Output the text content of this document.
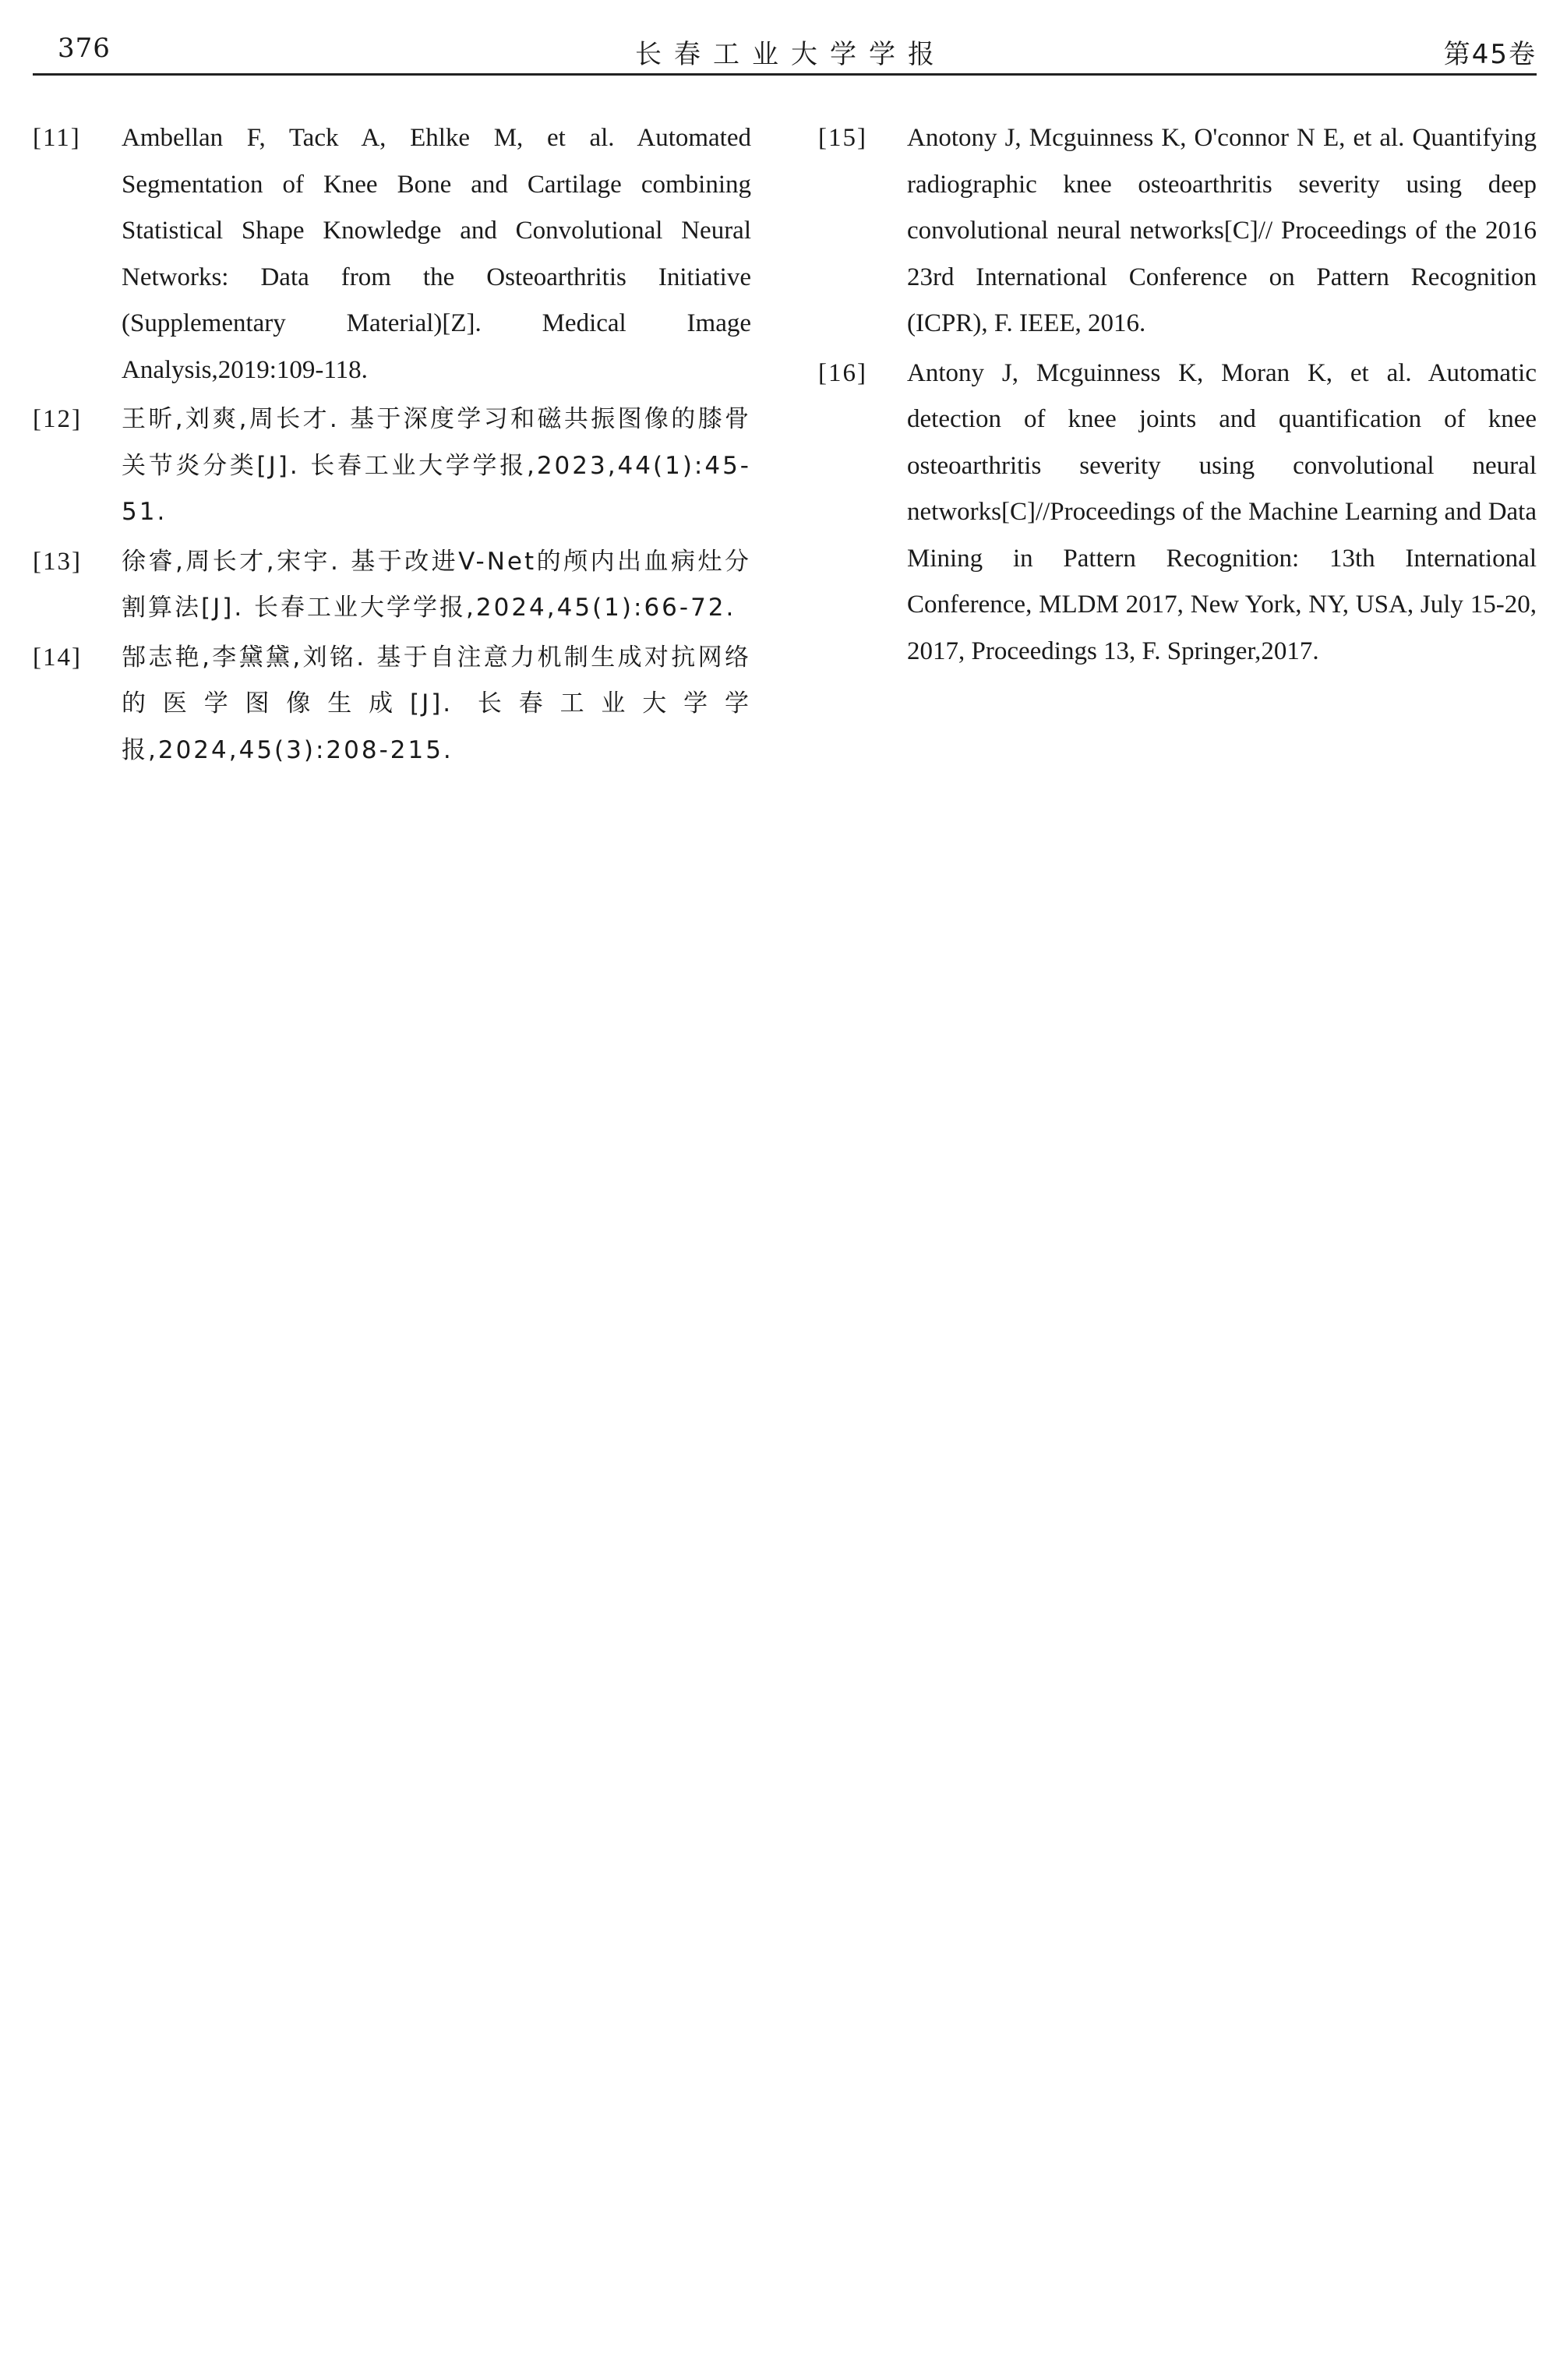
376	长春工业大学学报	第45卷
[11] Ambellan F, Tack A, Ehlke M, et al. Automated Segmentation of Knee Bone and Cartilage combining Statistical Shape Knowledge and Convolutional Neural Networks: Data from the Osteoarthritis Initiative (Supplementary Material)[Z]. Medical Image Analysis,2019:109-118.
[12] 王昕,刘爽,周长才. 基于深度学习和磁共振图像的膝骨关节炎分类[J]. 长春工业大学学报,2023,44(1):45-51.
[13] 徐睿,周长才,宋宇. 基于改进V-Net的颅内出血病灶分割算法[J]. 长春工业大学学报,2024,45(1):66-72.
[14] 郜志艳,李黛黛,刘铭. 基于自注意力机制生成对抗网络的医学图像生成[J]. 长春工业大学学报,2024,45(3):208-215.
[15] Anotony J, Mcguinness K, O'connor N E, et al. Quantifying radiographic knee osteoarthritis severity using deep convolutional neural networks[C]// Proceedings of the 2016 23rd International Conference on Pattern Recognition (ICPR), F. IEEE, 2016.
[16] Antony J, Mcguinness K, Moran K, et al. Automatic detection of knee joints and quantification of knee osteoarthritis severity using convolutional neural networks[C]//Proceedings of the Machine Learning and Data Mining in Pattern Recognition: 13th International Conference, MLDM 2017, New York, NY, USA, July 15-20, 2017, Proceedings 13, F. Springer,2017.
